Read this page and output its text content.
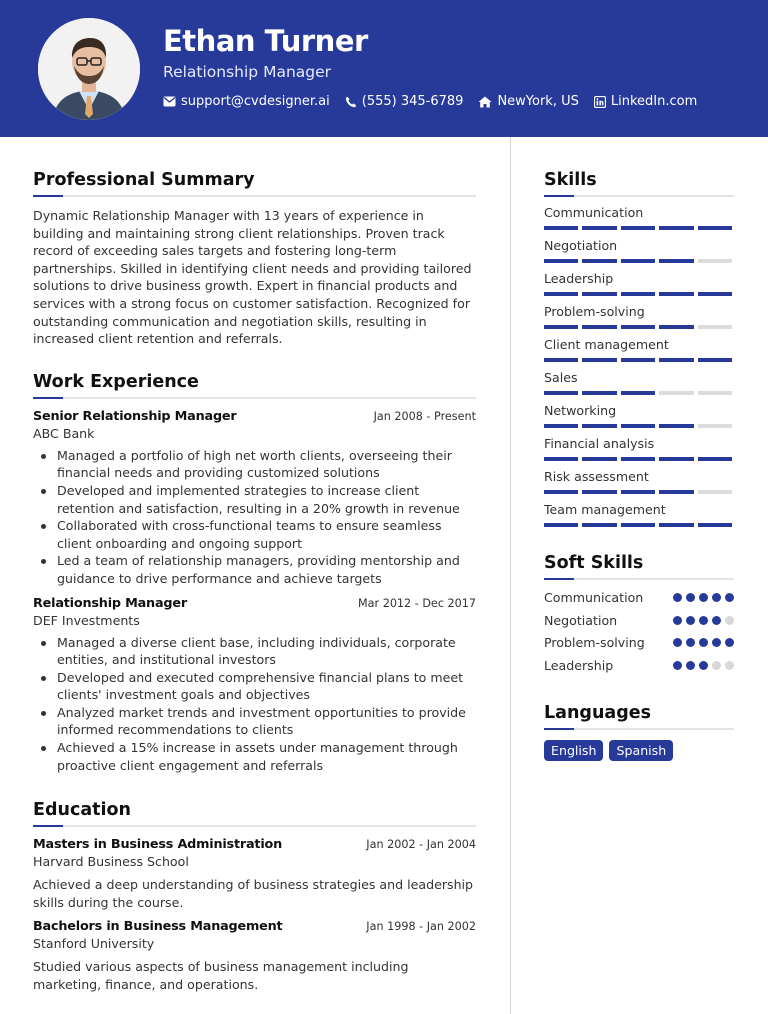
Ethan Turner
Relationship Manager
support@cvdesigner.ai (555) 345-6789	NewYork, US LinkedIn.com
Professional Summary

Dynamic Relationship Manager with 13 years of experience in building and maintaining strong client relationships. Proven track record of exceeding sales targets and fostering long-term partnerships. Skilled in identifying client needs and providing tailored solutions to drive business growth. Expert in financial products and services with a strong focus on customer satisfaction. Recognized for outstanding communication and negotiation skills, resulting in increased client retention and referrals.

Work Experience
Senior Relationship Manager	Jan 2008 - Present
ABC Bank
Managed a portfolio of high net worth clients, overseeing their financial needs and providing customized solutions
Developed and implemented strategies to increase client retention and satisfaction, resulting in a 20% growth in revenue
Collaborated with cross-functional teams to ensure seamless client onboarding and ongoing support
Led a team of relationship managers, providing mentorship and guidance to drive performance and achieve targets
Relationship Manager	Mar 2012 - Dec 2017
DEF Investments
Managed a diverse client base, including individuals, corporate entities, and institutional investors
Developed and executed comprehensive financial plans to meet clients' investment goals and objectives
Analyzed market trends and investment opportunities to provide informed recommendations to clients
Achieved a 15% increase in assets under management through proactive client engagement and referrals
Education
Masters in Business Administration	Jan 2002 - Jan 2004
Harvard Business School

Achieved a deep understanding of business strategies and leadership skills during the course.

Bachelors in Business Management	Jan 1998 - Jan 2002
Stanford University

Studied various aspects of business management including marketing, finance, and operations.

Skills
Communication
Negotiation
Leadership
Problem-solving
Client management
Sales
Networking
Financial analysis
Risk assessment
Team management
Soft Skills
Communication
Negotiation
Problem-solving
Leadership
Languages
English	Spanish
